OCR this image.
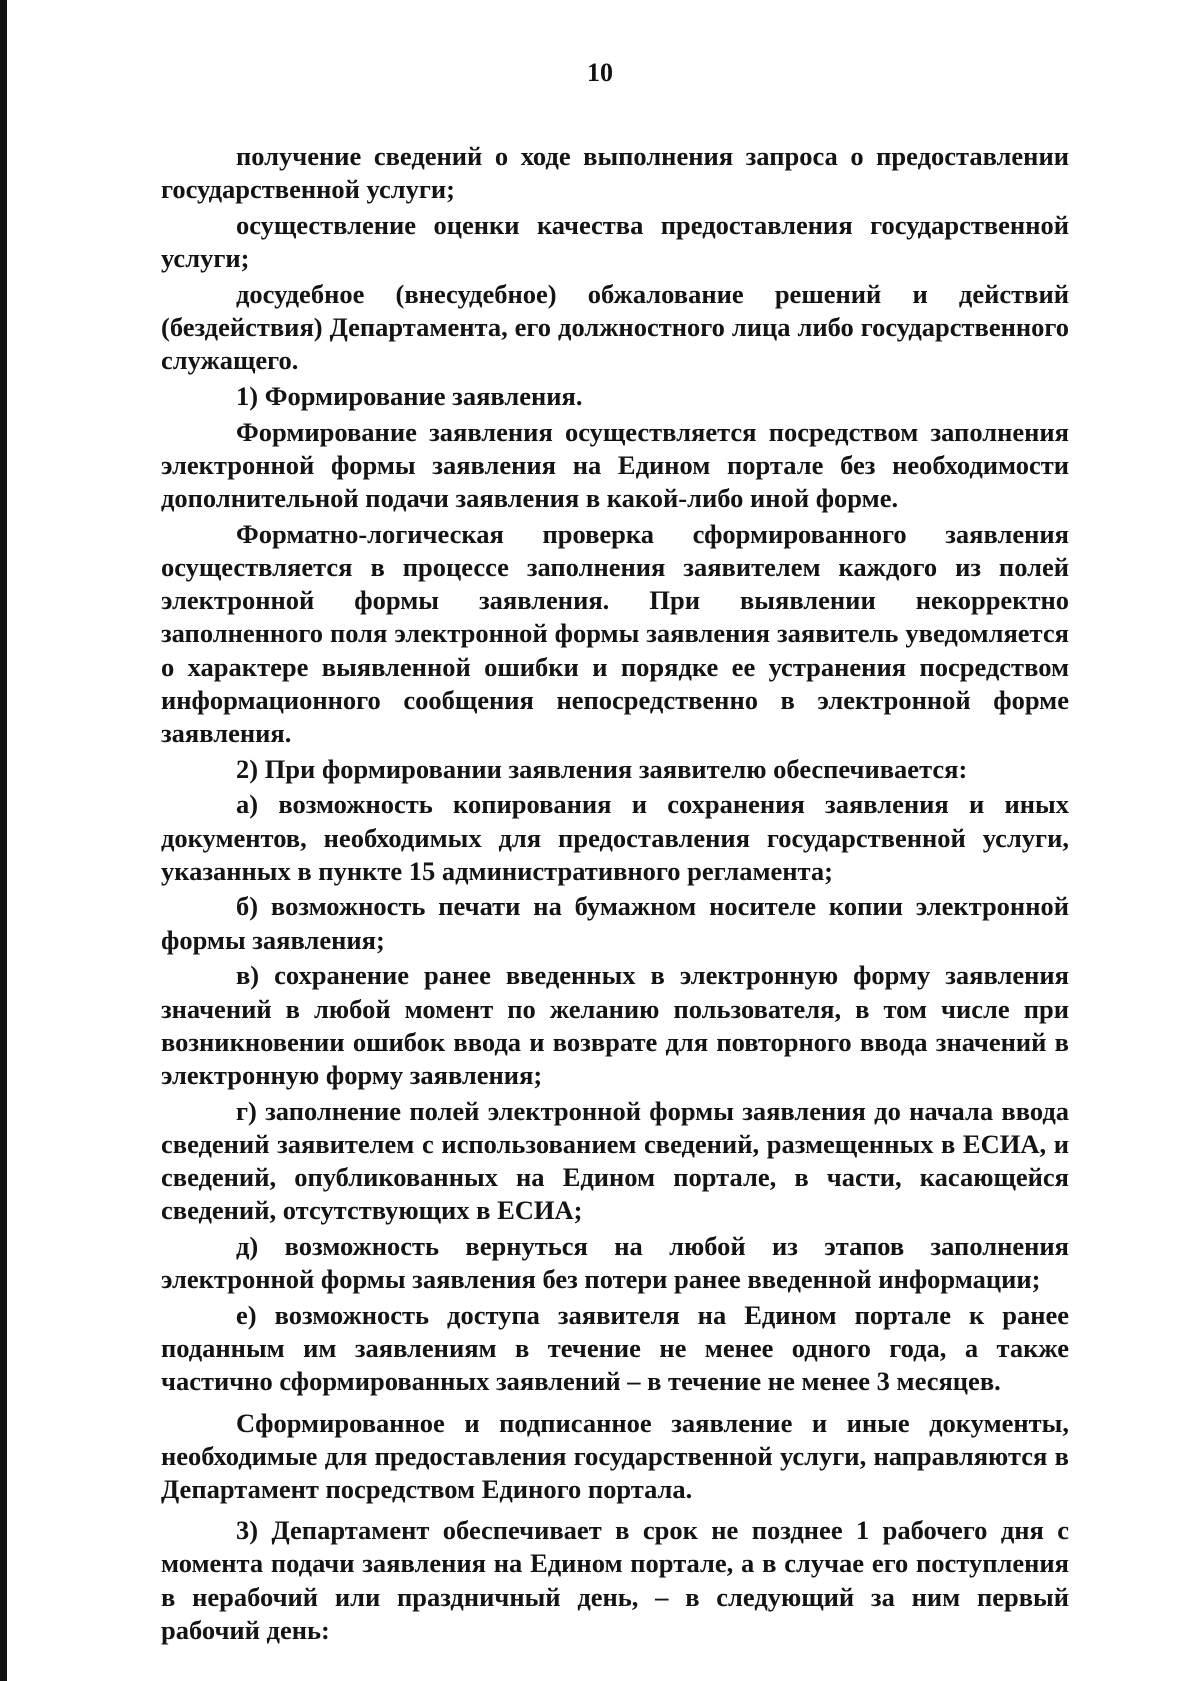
10

получение сведений о ходе выполнения запроса о предоставлении государственной услуги;

осуществление оценки качества предоставления государственной услуги;

досудебное (внесудебное) обжалование решений и действий (бездействия) Департамента, его должностного лица либо государственного служащего.

1) Формирование заявления.

Формирование заявления осуществляется посредством заполнения электронной формы заявления на Едином портале без необходимости дополнительной подачи заявления в какой-либо иной форме.

Форматно-логическая проверка сформированного заявления осуществляется в процессе заполнения заявителем каждого из полей электронной формы заявления. При выявлении некорректно заполненного поля электронной формы заявления заявитель уведомляется о характере выявленной ошибки и порядке ее устранения посредством информационного сообщения непосредственно в электронной форме заявления.

2) При формировании заявления заявителю обеспечивается:

а) возможность копирования и сохранения заявления и иных документов, необходимых для предоставления государственной услуги, указанных в пункте 15 административного регламента;

б) возможность печати на бумажном носителе копии электронной формы заявления;

в) сохранение ранее введенных в электронную форму заявления значений в любой момент по желанию пользователя, в том числе при возникновении ошибок ввода и возврате для повторного ввода значений в электронную форму заявления;

г) заполнение полей электронной формы заявления до начала ввода сведений заявителем с использованием сведений, размещенных в ЕСИА, и сведений, опубликованных на Едином портале, в части, касающейся сведений, отсутствующих в ЕСИА;

д) возможность вернуться на любой из этапов заполнения электронной формы заявления без потери ранее введенной информации;

е) возможность доступа заявителя на Едином портале к ранее поданным им заявлениям в течение не менее одного года, а также частично сформированных заявлений – в течение не менее 3 месяцев.

Сформированное и подписанное заявление и иные документы, необходимые для предоставления государственной услуги, направляются в Департамент посредством Единого портала.

3) Департамент обеспечивает в срок не позднее 1 рабочего дня с момента подачи заявления на Едином портале, а в случае его поступления в нерабочий или праздничный день, – в следующий за ним первый рабочий день:
